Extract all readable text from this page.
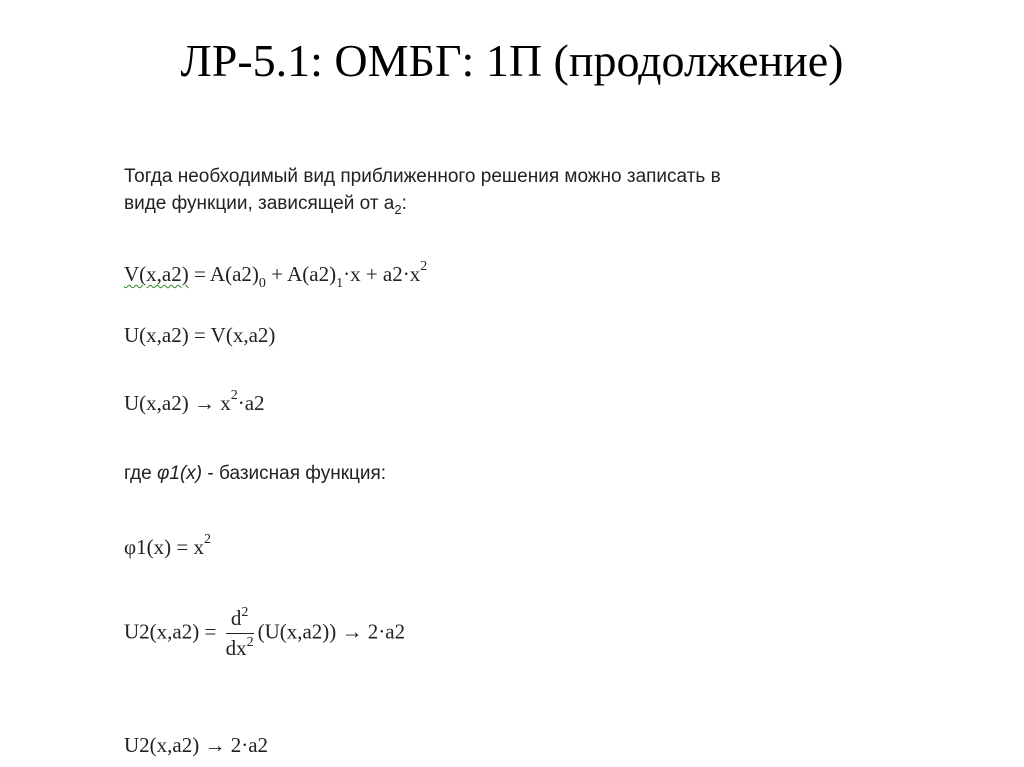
ЛР-5.1: ОМБГ: 1П (продолжение)
Тогда необходимый вид приближенного решения можно записать в
виде функции, зависящей от $a_2$:
$V(x,a2) = A(a2)_0 + A(a2)_1\cdot x + a2\cdot x^2$
U(x,a2) = V(x,a2)
$U(x,a2) \to x^2\cdot a2$
где φ1(x) - базисная функция:
$\varphi 1(x) = x^2$
$U2(x,a2) = \frac{d^2}{dx^2} (U(x,a2)) \to 2\cdot a2$
U2(x,a2) → 2·a2
